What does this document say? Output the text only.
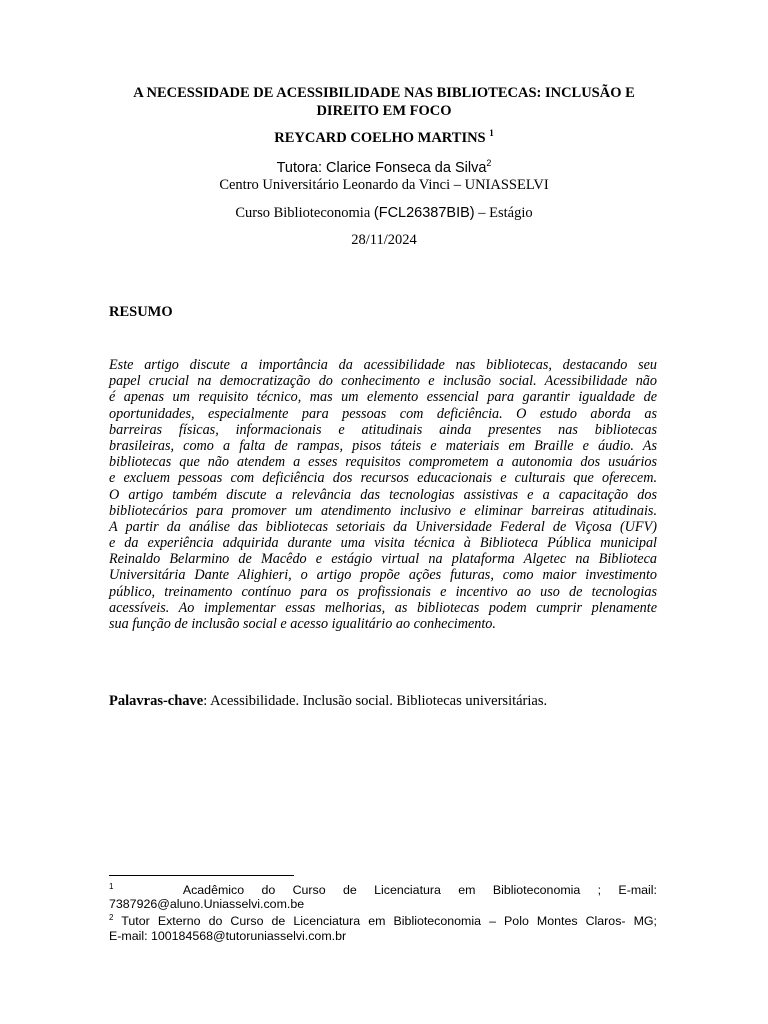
A NECESSIDADE DE ACESSIBILIDADE NAS BIBLIOTECAS: INCLUSÃO E
DIREITO EM FOCO
REYCARD COELHO MARTINS $^1$
Tutora: Clarice Fonseca da Silva$^2$
Centro Universitário Leonardo da Vinci – UNIASSELVI
Curso Biblioteconomia (FCL26387BIB) – Estágio
28/11/2024
RESUMO
Este artigo discute a importância da acessibilidade nas bibliotecas, destacando seu
papel crucial na democratização do conhecimento e inclusão social. Acessibilidade não
é apenas um requisito técnico, mas um elemento essencial para garantir igualdade de
oportunidades, especialmente para pessoas com deficiência. O estudo aborda as
barreiras físicas, informacionais e atitudinais ainda presentes nas bibliotecas
brasileiras, como a falta de rampas, pisos táteis e materiais em Braille e áudio. As
bibliotecas que não atendem a esses requisitos comprometem a autonomia dos usuários
e excluem pessoas com deficiência dos recursos educacionais e culturais que oferecem.
O artigo também discute a relevância das tecnologias assistivas e a capacitação dos
bibliotecários para promover um atendimento inclusivo e eliminar barreiras atitudinais.
A partir da análise das bibliotecas setoriais da Universidade Federal de Viçosa (UFV)
e da experiência adquirida durante uma visita técnica à Biblioteca Pública municipal
Reinaldo Belarmino de Macêdo e estágio virtual na plataforma Algetec na Biblioteca
Universitária Dante Alighieri, o artigo propõe ações futuras, como maior investimento
público, treinamento contínuo para os profissionais e incentivo ao uso de tecnologias
acessíveis. Ao implementar essas melhorias, as bibliotecas podem cumprir plenamente
sua função de inclusão social e acesso igualitário ao conhecimento.
Palavras-chave: Acessibilidade. Inclusão social. Bibliotecas universitárias.
$^1$	Acadêmico do Curso de Licenciatura em Biblioteconomia ; E-mail:
7387926@aluno.Uniasselvi.com.be
$^2$ Tutor Externo do Curso de Licenciatura em Biblioteconomia – Polo Montes Claros- MG;
E-mail: 100184568@tutoruniasselvi.com.br
